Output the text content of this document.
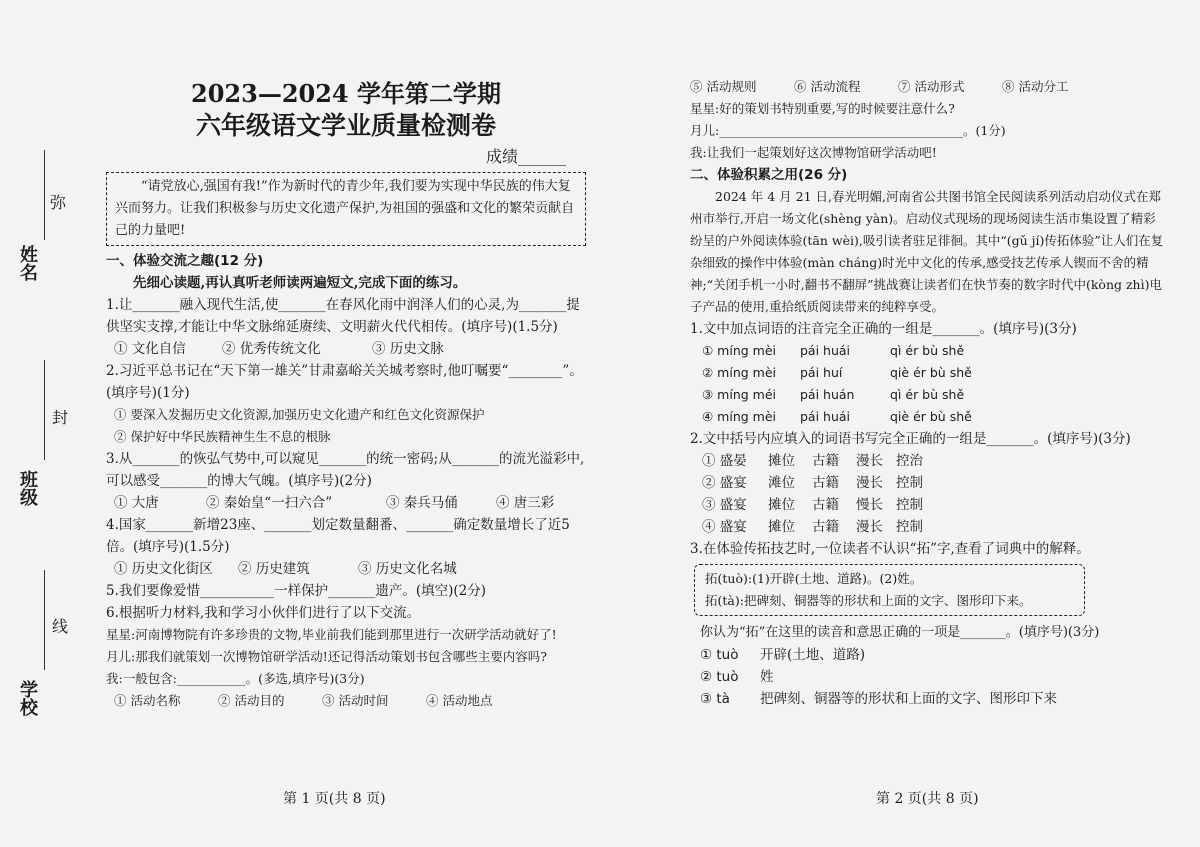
姓名
班级
学校
弥
封
线
2023—2024 学年第二学期
六年级语文学业质量检测卷
成绩______
“请党放心,强国有我!”作为新时代的青少年,我们要为实现中华民族的伟大复兴而努力。让我们积极参与历史文化遗产保护,为祖国的强盛和文化的繁荣贡献自己的力量吧!
一、体验交流之趣(12 分)
先细心读题,再认真听老师读两遍短文,完成下面的练习。
1.让_______融入现代生活,使_______在春风化雨中润泽人们的心灵,为_______提供坚实支撑,才能让中华文脉绵延赓续、文明薪火代代相传。(填序号)(1.5分)
① 文化自信	② 优秀传统文化	③ 历史文脉
2.习近平总书记在“天下第一雄关”甘肃嘉峪关关城考察时,他叮嘱要“________”。(填序号)(1分)
① 要深入发掘历史文化资源,加强历史文化遗产和红色文化资源保护
② 保护好中华民族精神生生不息的根脉
3.从_______的恢弘气势中,可以窥见_______的统一密码;从_______的流光溢彩中,可以感受_______的博大气魄。(填序号)(2分)
① 大唐	② 秦始皇“一扫六合”	③ 秦兵马俑	④ 唐三彩
4.国家_______新增23座、_______划定数量翻番、_______确定数量增长了近5倍。(填序号)(1.5分)
① 历史文化街区	② 历史建筑	③ 历史文化名城
5.我们要像爱惜___________一样保护_______遗产。(填空)(2分)
6.根据听力材料,我和学习小伙伴们进行了以下交流。
星星:河南博物院有许多珍贵的文物,毕业前我们能到那里进行一次研学活动就好了!
月儿:那我们就策划一次博物馆研学活动!还记得活动策划书包含哪些主要内容吗?
我:一般包含:___________。(多选,填序号)(3分)
① 活动名称	② 活动目的	③ 活动时间	④ 活动地点
第 1 页(共 8 页)
⑤ 活动规则	⑥ 活动流程	⑦ 活动形式	⑧ 活动分工
星星:好的策划书特别重要,写的时候要注意什么?
月儿:_______________________________________。(1分)
我:让我们一起策划好这次博物馆研学活动吧!
二、体验积累之用(26 分)
2024 年 4 月 21 日,春光明媚,河南省公共图书馆全民阅读系列活动启动仪式在郑州市举行,开启一场文化(shèng yàn)。启动仪式现场的现场阅读生活市集设置了精彩纷呈的户外阅读体验(tān wèi),吸引读者驻足徘徊。其中“(gǔ jí)传拓体验”让人们在复杂细致的操作中体验(màn cháng)时光中文化的传承,感受技艺传承人锲而不舍的精神;“关闭手机一小时,翻书不翻屏”挑战赛让读者们在快节奏的数字时代中(kòng zhì)电子产品的使用,重拾纸质阅读带来的纯粹享受。
1.文中加点词语的注音完全正确的一组是_______。(填序号)(3分)
① míng mèi	pái huái	qì ér bù shě
② míng mèi	pái huí	qiè ér bù shě
③ míng méi	pái huán	qì ér bù shě
④ míng mèi	pái huái	qiè ér bù shě
2.文中括号内应填入的词语书写完全正确的一组是_______。(填序号)(3分)
① 盛晏	摊位	古籍	漫长 控治
② 盛宴	滩位	古籍	漫长 控制
③ 盛宴	摊位	古籍	慢长 控制
④ 盛宴	摊位	古籍	漫长 控制
3.在体验传拓技艺时,一位读者不认识“拓”字,查看了词典中的解释。
拓(tuò):(1)开辟(土地、道路)。(2)姓。
拓(tà):把碑刻、铜器等的形状和上面的文字、图形印下来。
你认为“拓”在这里的读音和意思正确的一项是_______。(填序号)(3分)
① tuò	开辟(土地、道路)
② tuò	姓
③ tà	把碑刻、铜器等的形状和上面的文字、图形印下来
第 2 页(共 8 页)
